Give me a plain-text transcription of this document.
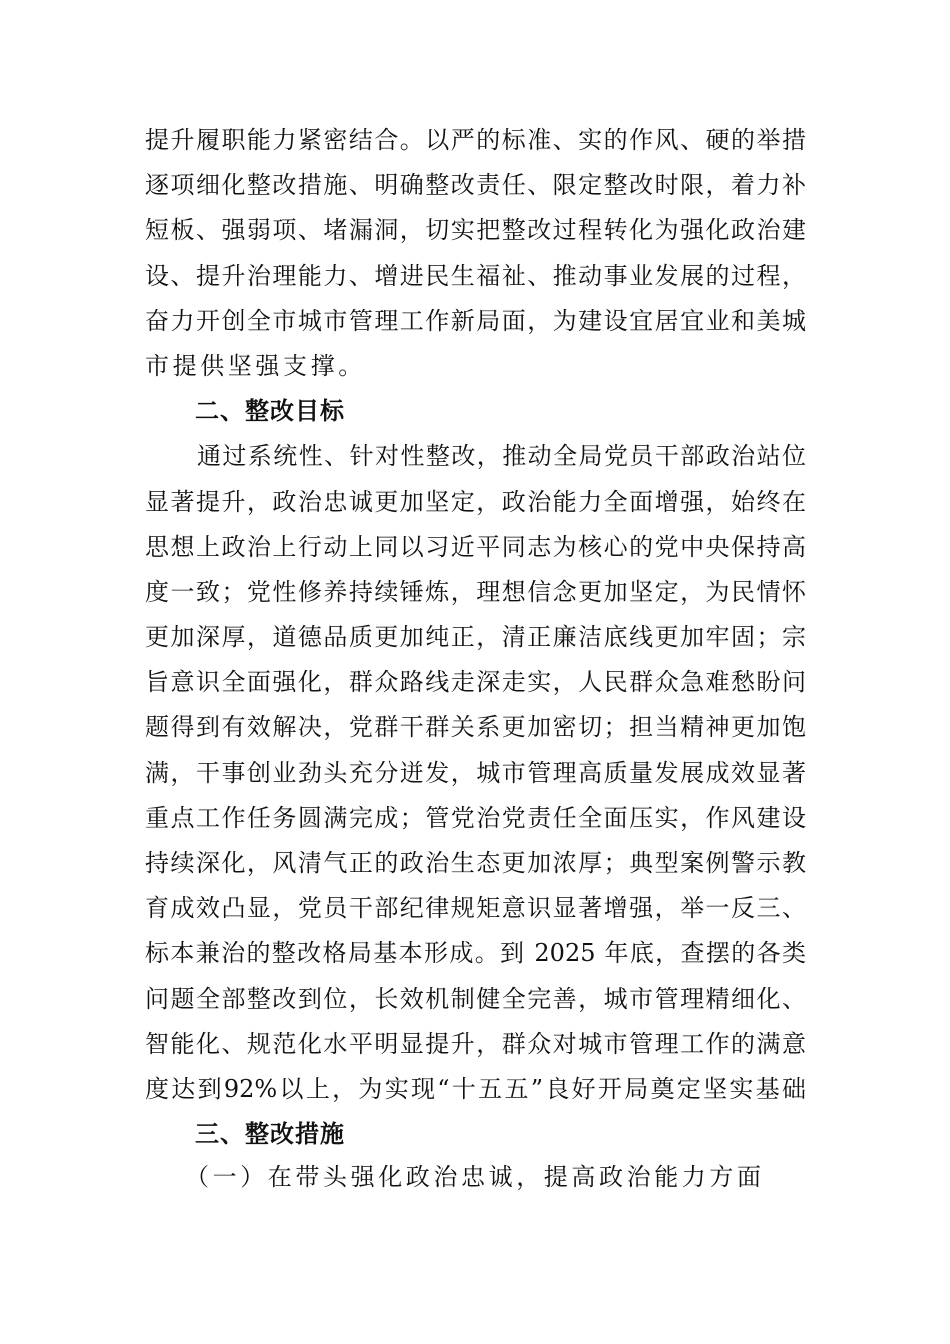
提升履职能力紧密结合。以严的标准、实的作风、硬的举措
逐项细化整改措施、明确整改责任、限定整改时限，着力补
短板、强弱项、堵漏洞，切实把整改过程转化为强化政治建
设、提升治理能力、增进民生福祉、推动事业发展的过程，
奋力开创全市城市管理工作新局面，为建设宜居宜业和美城
市提供坚强支撑。
二、整改目标
通过系统性、针对性整改，推动全局党员干部政治站位
显著提升，政治忠诚更加坚定，政治能力全面增强，始终在
思想上政治上行动上同以习近平同志为核心的党中央保持高
度一致；党性修养持续锤炼，理想信念更加坚定，为民情怀
更加深厚，道德品质更加纯正，清正廉洁底线更加牢固；宗
旨意识全面强化，群众路线走深走实，人民群众急难愁盼问
题得到有效解决，党群干群关系更加密切；担当精神更加饱
满，干事创业劲头充分迸发，城市管理高质量发展成效显著
重点工作任务圆满完成；管党治党责任全面压实，作风建设
持续深化，风清气正的政治生态更加浓厚；典型案例警示教
育成效凸显，党员干部纪律规矩意识显著增强，举一反三、
标本兼治的整改格局基本形成。到 2025 年底，查摆的各类
问题全部整改到位，长效机制健全完善，城市管理精细化、
智能化、规范化水平明显提升，群众对城市管理工作的满意
度达到92%以上，为实现“十五五”良好开局奠定坚实基础
三、整改措施
（一）在带头强化政治忠诚，提高政治能力方面
